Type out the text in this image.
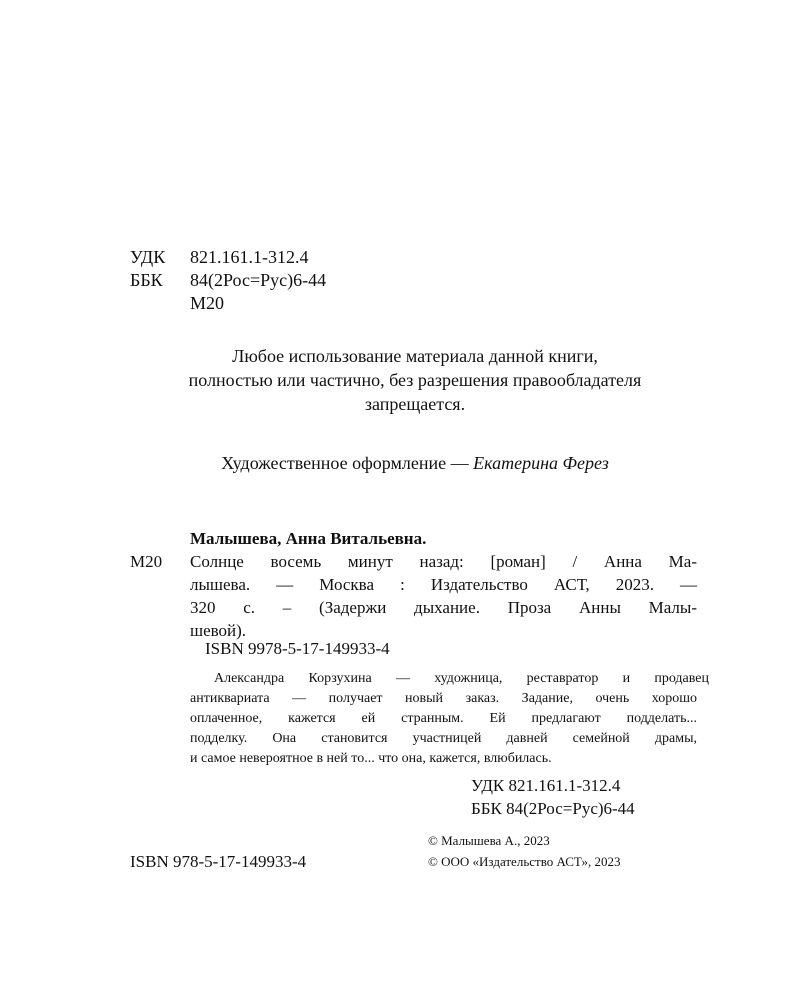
УДК 821.161.1-312.4
ББК 84(2Рос=Рус)6-44
М20
Любое использование материала данной книги,
полностью или частично, без разрешения правообладателя
запрещается.
Художественное оформление — Екатерина Ферез
Малышева, Анна Витальевна.
М20 Солнце восемь минут назад: [роман] / Анна Ма-
лышева. — Москва : Издательство АСТ, 2023. —
320 с. – (Задержи дыхание. Проза Анны Малы-
шевой).
ISBN 9978-5-17-149933-4
Александра Корзухина — художница, реставратор и продавец
антиквариата — получает новый заказ. Задание, очень хорошо
оплаченное, кажется ей странным. Ей предлагают подделать...
подделку. Она становится участницей давней семейной драмы,
и самое невероятное в ней то... что она, кажется, влюбилась.
УДК 821.161.1-312.4
ББК 84(2Рос=Рус)6-44
© Малышева А., 2023
ISBN 978-5-17-149933-4	© ООО «Издательство АСТ», 2023
